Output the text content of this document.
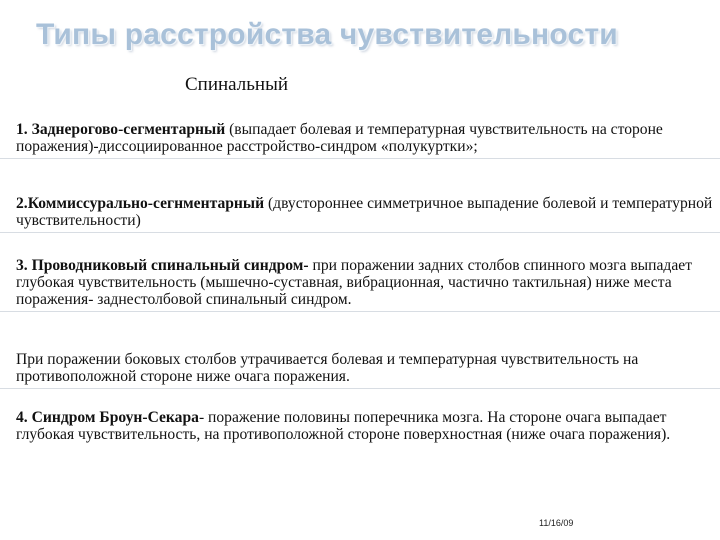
Типы расстройства чувствительности
Спинальный

1. Заднерогово-сегментарный (выпадает болевая и температурная чувствительность на стороне поражения)-диссоциированное расстройство-синдром «полукуртки»;

2.Коммиссурально-сегнментарный (двустороннее симметричное выпадение болевой и температурной чувствительности)

3. Проводниковый спинальный синдром- при поражении задних столбов спинного мозга выпадает глубокая чувствительность (мышечно-суставная, вибрационная, частично тактильная) ниже места поражения- заднестолбовой спинальный синдром.

При поражении боковых столбов утрачивается болевая и температурная чувствительность на противоположной стороне ниже очага поражения.

4. Синдром Броун-Секара- поражение половины поперечника мозга. На стороне очага выпадает глубокая чувствительность, на противоположной стороне поверхностная (ниже очага поражения).

11/16/09
